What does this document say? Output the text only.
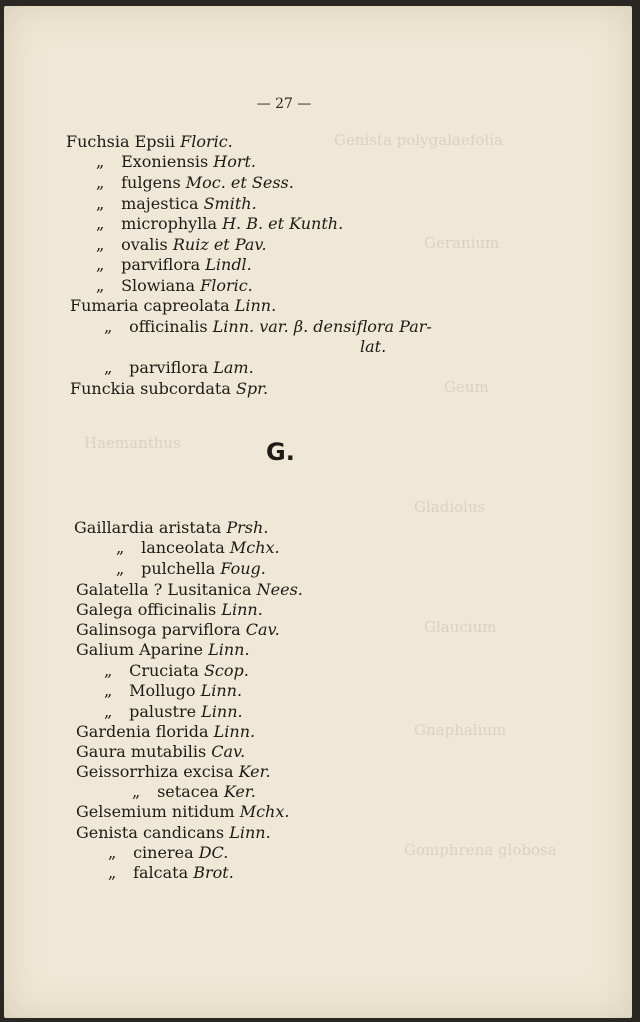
Genista polygalaefolia
Geranium
Geum
Haemanthus
Gladiolus
Glaucium
Gnaphalium
Gomphrena globosa
— 27 —
Fuchsia Epsii Floric.
„ Exoniensis Hort.
„ fulgens Moc. et Sess.
„ majestica Smith.
„ microphylla H. B. et Kunth.
„ ovalis Ruiz et Pav.
„ parviflora Lindl.
„ Slowiana Floric.
Fumaria capreolata Linn.
„ officinalis Linn. var. β. densiflora Par-
lat.
„ parviflora Lam.
Funckia subcordata Spr.
G.
Gaillardia aristata Prsh.
„ lanceolata Mchx.
„ pulchella Foug.
Galatella ? Lusitanica Nees.
Galega officinalis Linn.
Galinsoga parviflora Cav.
Galium Aparine Linn.
„ Cruciata Scop.
„ Mollugo Linn.
„ palustre Linn.
Gardenia florida Linn.
Gaura mutabilis Cav.
Geissorrhiza excisa Ker.
„ setacea Ker.
Gelsemium nitidum Mchx.
Genista candicans Linn.
„ cinerea DC.
„ falcata Brot.
